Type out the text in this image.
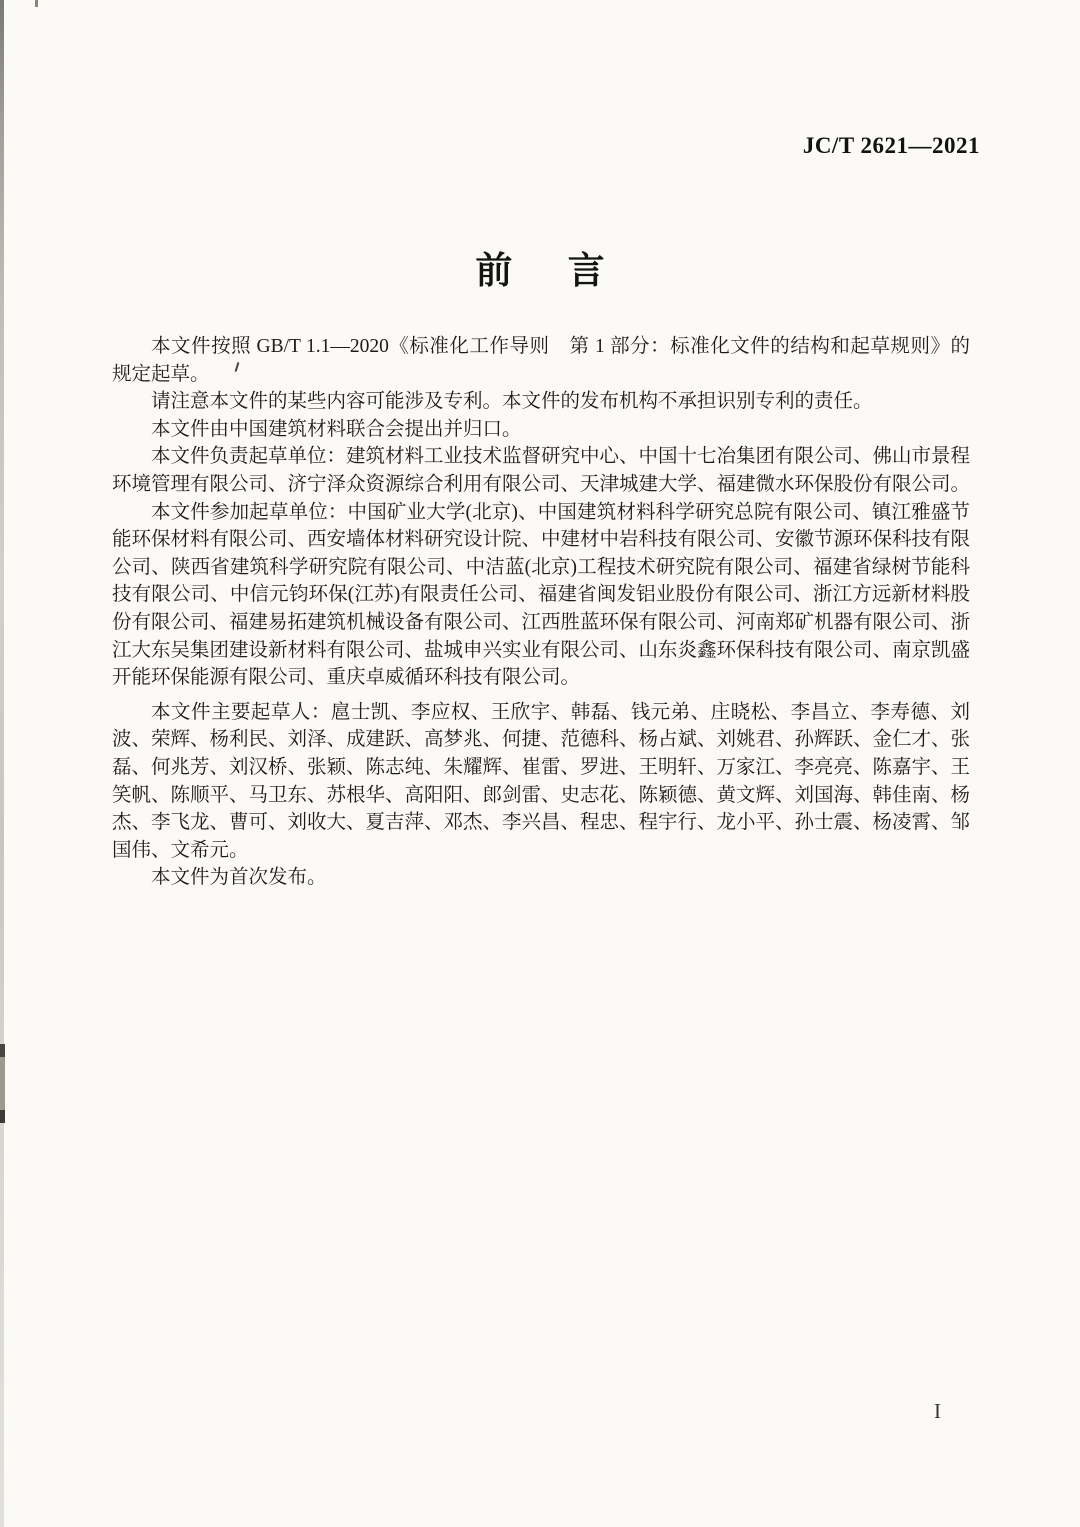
JC/T 2621—2021
前 言

本文件按照 GB/T 1.1—2020《标准化工作导则　第 1 部分：标准化文件的结构和起草规则》的规定起草。

请注意本文件的某些内容可能涉及专利。本文件的发布机构不承担识别专利的责任。

本文件由中国建筑材料联合会提出并归口。

本文件负责起草单位：建筑材料工业技术监督研究中心、中国十七冶集团有限公司、佛山市景程环境管理有限公司、济宁泽众资源综合利用有限公司、天津城建大学、福建微水环保股份有限公司。

本文件参加起草单位：中国矿业大学(北京)、中国建筑材料科学研究总院有限公司、镇江雅盛节能环保材料有限公司、西安墙体材料研究设计院、中建材中岩科技有限公司、安徽节源环保科技有限公司、陕西省建筑科学研究院有限公司、中洁蓝(北京)工程技术研究院有限公司、福建省绿树节能科技有限公司、中信元钧环保(江苏)有限责任公司、福建省闽发铝业股份有限公司、浙江方远新材料股份有限公司、福建易拓建筑机械设备有限公司、江西胜蓝环保有限公司、河南郑矿机器有限公司、浙江大东吴集团建设新材料有限公司、盐城申兴实业有限公司、山东炎鑫环保科技有限公司、南京凯盛开能环保能源有限公司、重庆卓威循环科技有限公司。

本文件主要起草人：扈士凯、李应权、王欣宇、韩磊、钱元弟、庄晓松、李昌立、李寿德、刘波、荣辉、杨利民、刘泽、成建跃、高梦兆、何捷、范德科、杨占斌、刘姚君、孙辉跃、金仁才、张磊、何兆芳、刘汉桥、张颖、陈志纯、朱耀辉、崔雷、罗进、王明轩、万家江、李亮亮、陈嘉宇、王笑帆、陈顺平、马卫东、苏根华、高阳阳、郎剑雷、史志花、陈颖德、黄文辉、刘国海、韩佳南、杨杰、李飞龙、曹可、刘收大、夏吉萍、邓杰、李兴昌、程忠、程宇行、龙小平、孙士震、杨凌霄、邹国伟、文希元。

本文件为首次发布。

I
